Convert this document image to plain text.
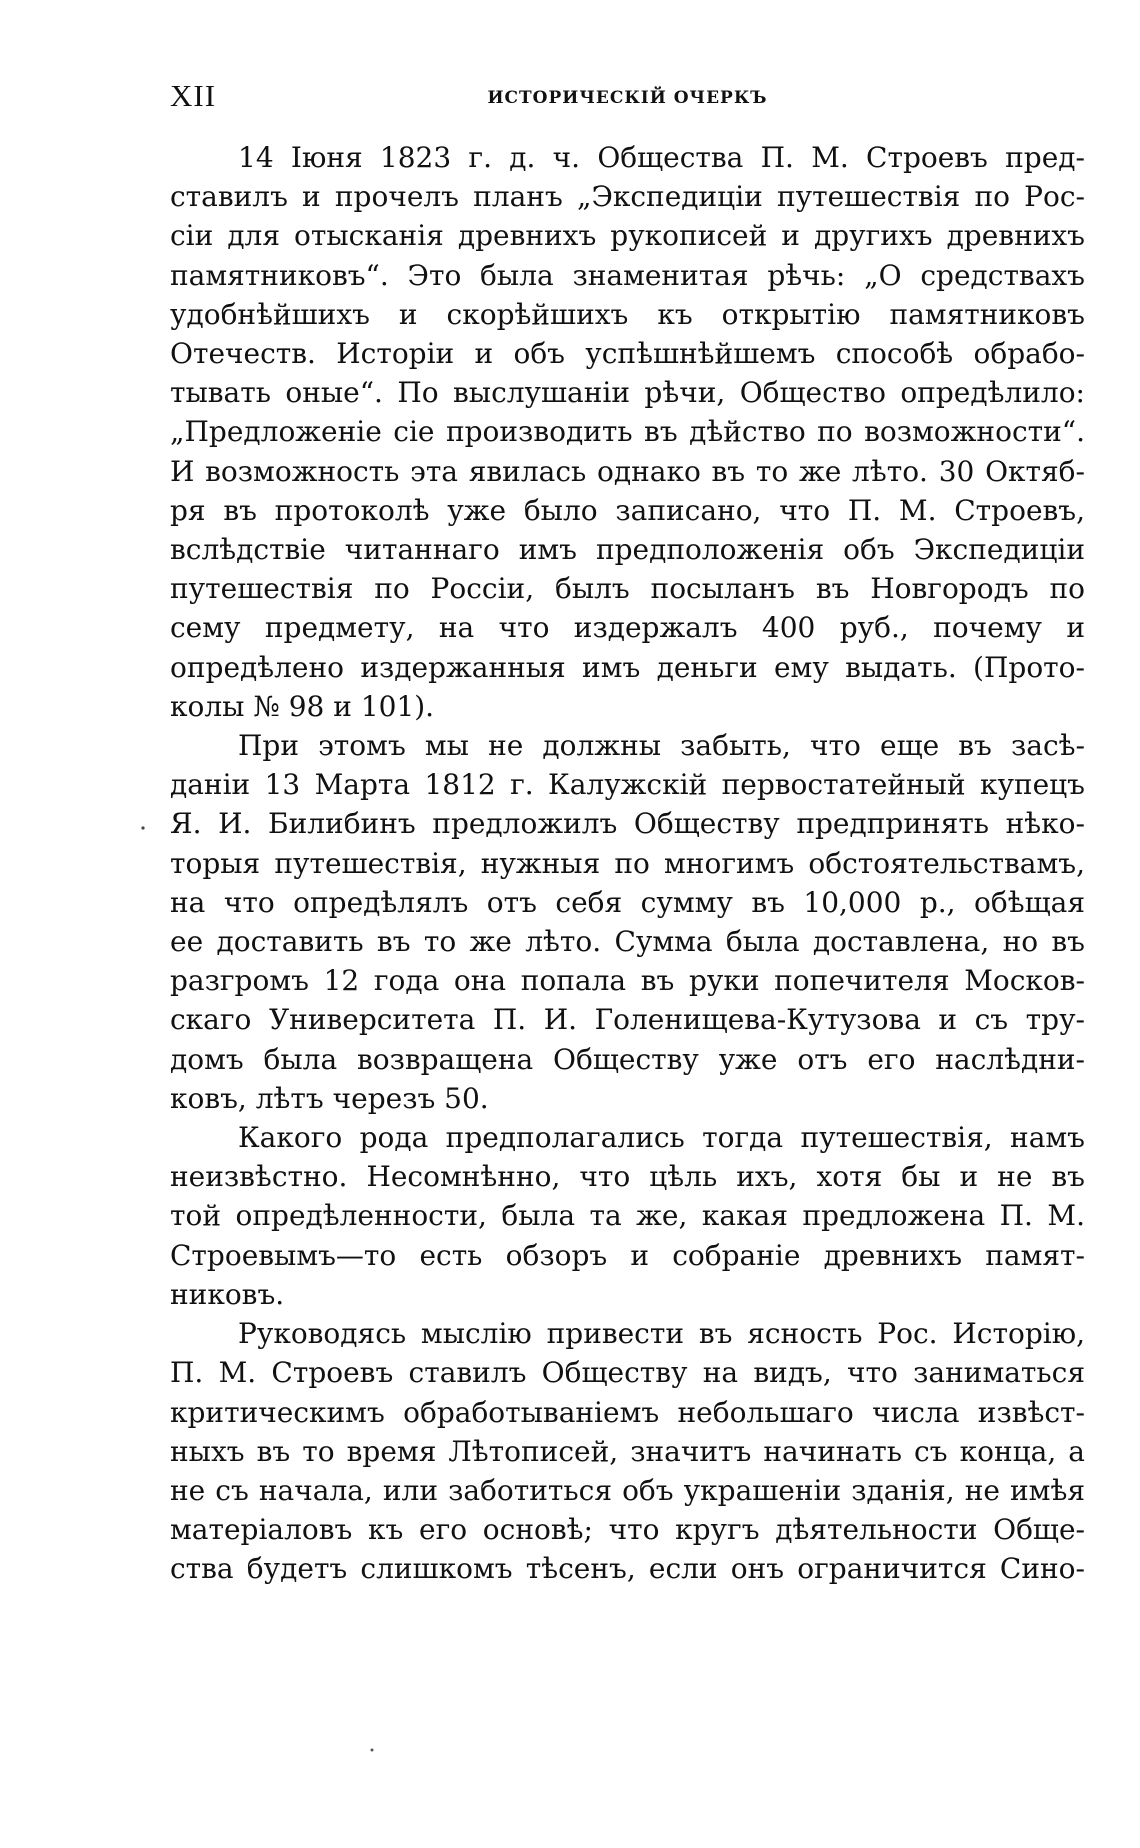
XII	ИСТОРИЧЕСКІЙ ОЧЕРКЪ
14 Іюня 1823 г. д. ч. Общества П. М. Строевъ пред-
ставилъ и прочелъ планъ „Экспедиціи путешествія по Рос-
сіи для отысканія древнихъ рукописей и другихъ древнихъ
памятниковъ“. Это была знаменитая рѣчь: „О средствахъ
удобнѣйшихъ и скорѣйшихъ къ открытію памятниковъ
Отечеств. Исторіи и объ успѣшнѣйшемъ способѣ обрабо-
тывать оные“. По выслушаніи рѣчи, Общество опредѣлило:
„Предложеніе сіе производить въ дѣйство по возможности“.
И возможность эта явилась однако въ то же лѣто. 30 Октяб-
ря въ протоколѣ уже было записано, что П. М. Строевъ,
вслѣдствіе читаннаго имъ предположенія объ Экспедиціи
путешествія по Россіи, былъ посыланъ въ Новгородъ по
сему предмету, на что издержалъ 400 руб., почему и
опредѣлено издержанныя имъ деньги ему выдать. (Прото-
колы № 98 и 101).
При этомъ мы не должны забыть, что еще въ засѣ-
даніи 13 Марта 1812 г. Калужскій первостатейный купецъ
Я. И. Билибинъ предложилъ Обществу предпринять нѣко-
торыя путешествія, нужныя по многимъ обстоятельствамъ,
на что опредѣлялъ отъ себя сумму въ 10,000 р., обѣщая
ее доставить въ то же лѣто. Сумма была доставлена, но въ
разгромъ 12 года она попала въ руки попечителя Москов-
скаго Университета П. И. Голенищева-Кутузова и съ тру-
домъ была возвращена Обществу уже отъ его наслѣдни-
ковъ, лѣтъ черезъ 50.
Какого рода предполагались тогда путешествія, намъ
неизвѣстно. Несомнѣнно, что цѣль ихъ, хотя бы и не въ
той опредѣленности, была та же, какая предложена П. М.
Строевымъ—то есть обзоръ и собраніе древнихъ памят-
никовъ.
Руководясь мыслію привести въ ясность Рос. Исторію,
П. М. Строевъ ставилъ Обществу на видъ, что заниматься
критическимъ обработываніемъ небольшаго числа извѣст-
ныхъ въ то время Лѣтописей, значитъ начинать съ конца, а
не съ начала, или заботиться объ украшеніи зданія, не имѣя
матеріаловъ къ его основѣ; что кругъ дѣятельности Обще-
ства будетъ слишкомъ тѣсенъ, если онъ ограничится Сино-
